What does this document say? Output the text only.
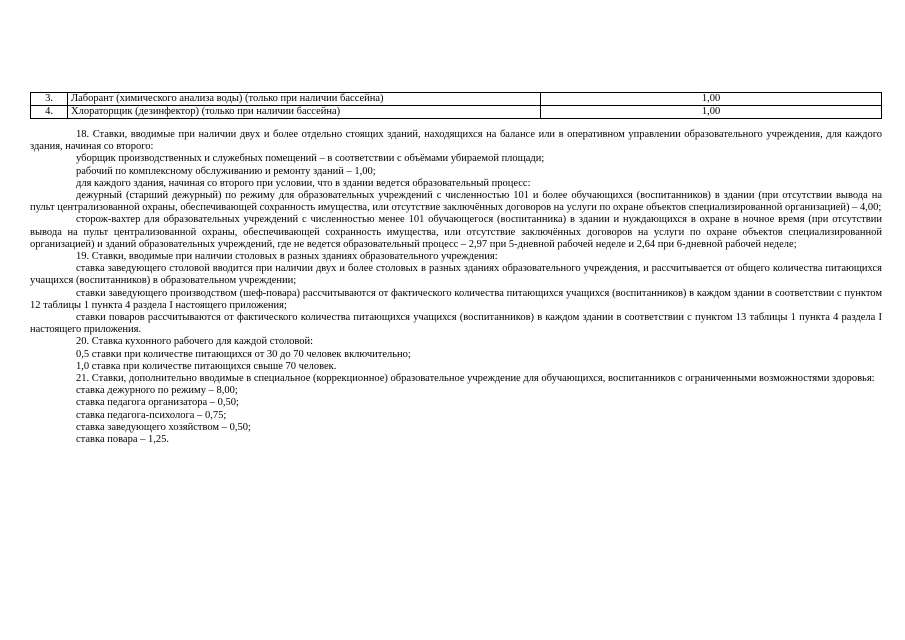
3.	Лаборант (химического анализа воды) (только при наличии бассейна)	1,00
4.	Хлораторщик (дезинфектор) (только при наличии бассейна)	1,00

18. Ставки, вводимые при наличии двух и более отдельно стоящих зданий, находящихся на балансе или в оперативном управлении образовательного учреждения, для каждого здания, начиная со второго:

уборщик производственных и служебных помещений – в соответствии с объёмами убираемой площади;

рабочий по комплексному обслуживанию и ремонту зданий – 1,00;

для каждого здания, начиная со второго при условии, что в здании ведется образовательный процесс:

дежурный (старший дежурный) по режиму для образовательных учреждений с численностью 101 и более обучающихся (воспитанников) в здании (при отсутствии вывода на пульт централизованной охраны, обеспечивающей сохранность имущества, или отсутствие заключённых договоров на услуги по охране объектов специализированной организацией) – 4,00;

сторож-вахтер для образовательных учреждений с численностью менее 101 обучающегося (воспитанника) в здании и нуждающихся в охране в ночное время (при отсутствии вывода на пульт централизованной охраны, обеспечивающей сохранность имущества, или отсутствие заключённых договоров на услуги по охране объектов специализированной организацией) и зданий образовательных учреждений, где не ведется образовательный процесс – 2,97 при 5-дневной рабочей неделе и 2,64 при 6-дневной рабочей неделе;

19. Ставки, вводимые при наличии столовых в разных зданиях образовательного учреждения:

ставка заведующего столовой вводится при наличии двух и более столовых в разных зданиях образовательного учреждения, и рассчитывается от общего количества питающихся учащихся (воспитанников) в образовательном учреждении;

ставки заведующего производством (шеф-повара) рассчитываются от фактического количества питающихся учащихся (воспитанников) в каждом здании в соответствии с пунктом 12 таблицы 1 пункта 4 раздела I настоящего приложения;

ставки поваров рассчитываются от фактического количества питающихся учащихся (воспитанников) в каждом здании в соответствии с пунктом 13 таблицы 1 пункта 4 раздела I настоящего приложения.

20. Ставка кухонного рабочего для каждой столовой:

0,5 ставки при количестве питающихся от 30 до 70 человек включительно;

1,0 ставка при количестве питающихся свыше 70 человек.

21. Ставки, дополнительно вводимые в специальное (коррекционное) образовательное учреждение для обучающихся, воспитанников с ограниченными возможностями здоровья:

ставка дежурного по режиму – 8,00;

ставка педагога организатора – 0,50;

ставка педагога-психолога – 0,75;

ставка заведующего хозяйством – 0,50;

ставка повара – 1,25.
